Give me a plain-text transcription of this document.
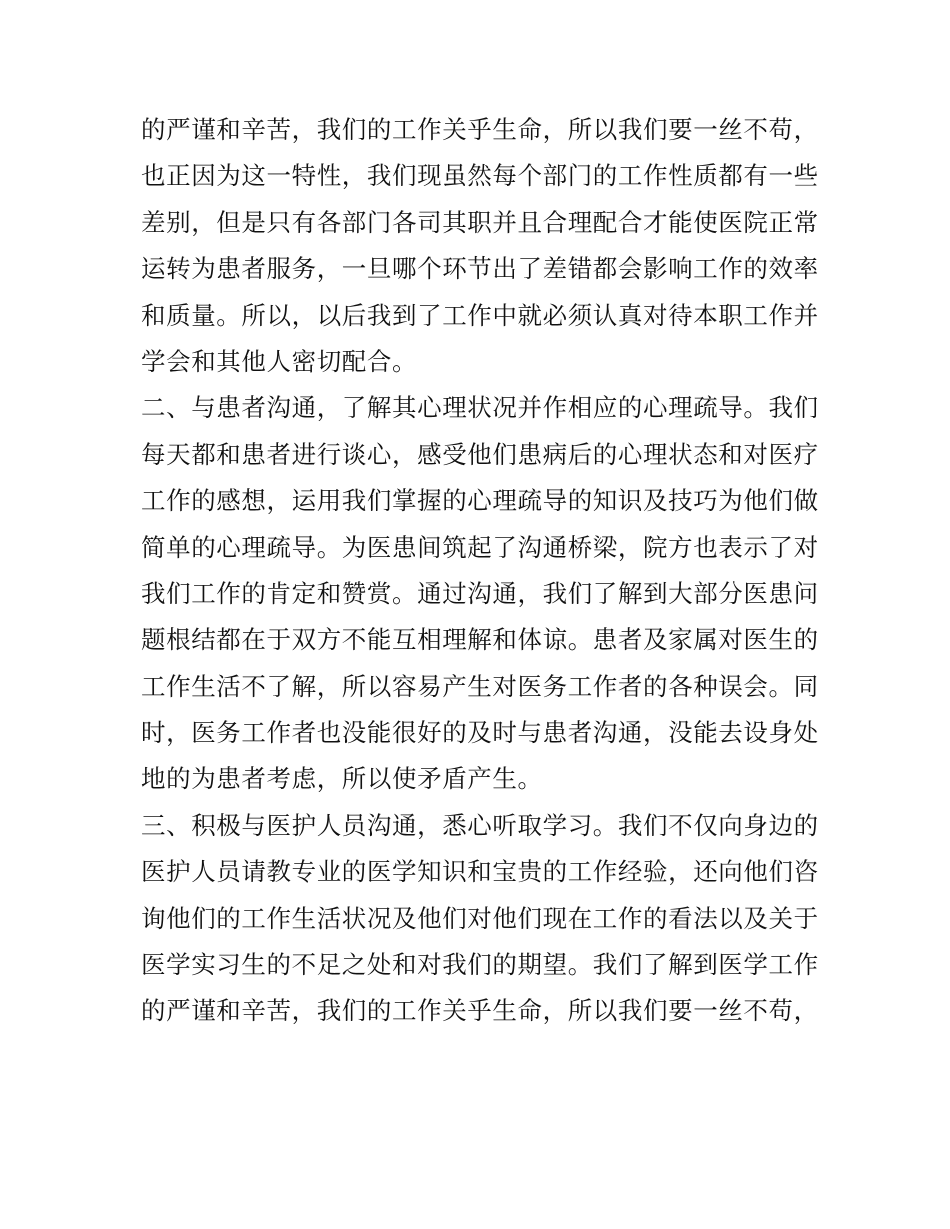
的严谨和辛苦，我们的工作关乎生命，所以我们要一丝不苟，
也正因为这一特性，我们现虽然每个部门的工作性质都有一些
差别，但是只有各部门各司其职并且合理配合才能使医院正常
运转为患者服务，一旦哪个环节出了差错都会影响工作的效率
和质量。所以，以后我到了工作中就必须认真对待本职工作并
学会和其他人密切配合。
二、与患者沟通，了解其心理状况并作相应的心理疏导。我们
每天都和患者进行谈心，感受他们患病后的心理状态和对医疗
工作的感想，运用我们掌握的心理疏导的知识及技巧为他们做
简单的心理疏导。为医患间筑起了沟通桥梁，院方也表示了对
我们工作的肯定和赞赏。通过沟通，我们了解到大部分医患问
题根结都在于双方不能互相理解和体谅。患者及家属对医生的
工作生活不了解，所以容易产生对医务工作者的各种误会。同
时，医务工作者也没能很好的及时与患者沟通，没能去设身处
地的为患者考虑，所以使矛盾产生。
三、积极与医护人员沟通，悉心听取学习。我们不仅向身边的
医护人员请教专业的医学知识和宝贵的工作经验，还向他们咨
询他们的工作生活状况及他们对他们现在工作的看法以及关于
医学实习生的不足之处和对我们的期望。我们了解到医学工作
的严谨和辛苦，我们的工作关乎生命，所以我们要一丝不苟，
